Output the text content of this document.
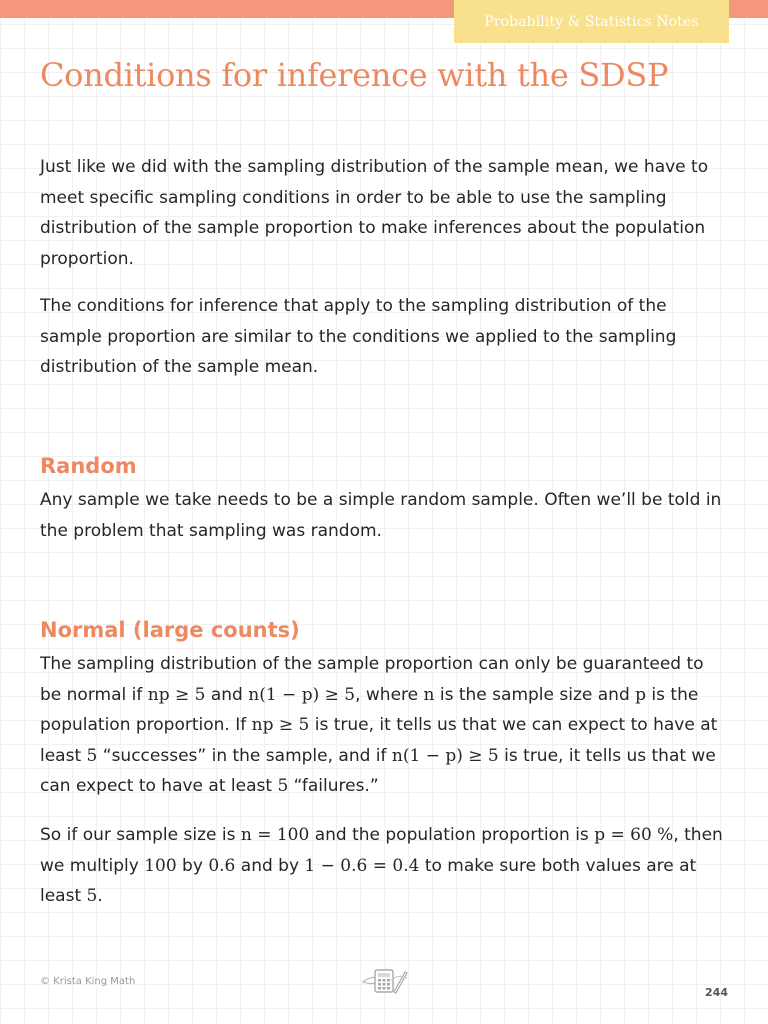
Probability & Statistics Notes
Conditions for inference with the SDSP

Just like we did with the sampling distribution of the sample mean, we have to meet specific sampling conditions in order to be able to use the sampling distribution of the sample proportion to make inferences about the population proportion.

The conditions for inference that apply to the sampling distribution of the sample proportion are similar to the conditions we applied to the sampling distribution of the sample mean.

Random

Any sample we take needs to be a simple random sample. Often we’ll be told in the problem that sampling was random.

Normal (large counts)

The sampling distribution of the sample proportion can only be guaranteed to be normal if np ≥ 5 and n(1 − p) ≥ 5, where n is the sample size and p is the population proportion. If np ≥ 5 is true, it tells us that we can expect to have at least 5 “successes” in the sample, and if n(1 − p) ≥ 5 is true, it tells us that we can expect to have at least 5 “failures.”

So if our sample size is n = 100 and the population proportion is p = 60 %, then we multiply 100 by 0.6 and by 1 − 0.6 = 0.4 to make sure both values are at least 5.

© Krista King Math
244
